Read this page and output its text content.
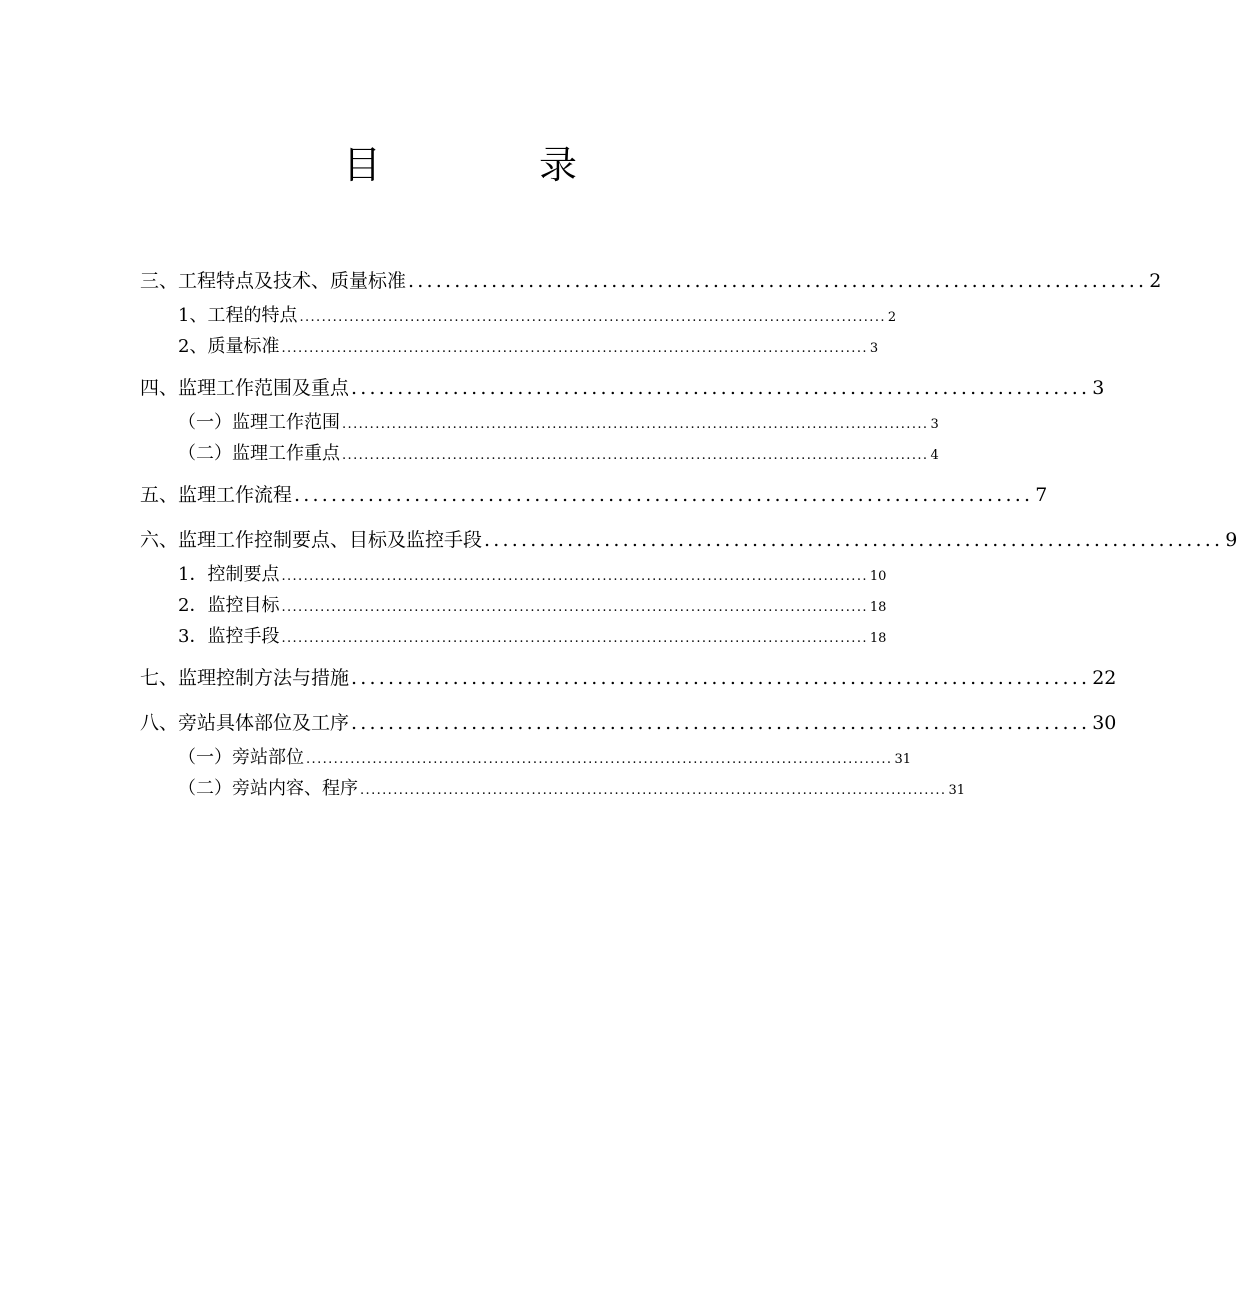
目　录
三、工程特点及技术、质量标准 ................................................................................ 2
1、工程的特点 .......................................................................................................... 2
2、质量标准 .......................................................................................................... 3
四、监理工作范围及重点 ................................................................................ 3
（一）监理工作范围 .......................................................................................................... 3
（二）监理工作重点 .......................................................................................................... 4
五、监理工作流程 ................................................................................ 7
六、监理工作控制要点、目标及监控手段 ................................................................................ 9
1．控制要点 .......................................................................................................... 10
2．监控目标 .......................................................................................................... 18
3．监控手段 .......................................................................................................... 18
七、监理控制方法与措施 ................................................................................ 22
八、旁站具体部位及工序 ................................................................................ 30
（一）旁站部位 .......................................................................................................... 31
（二）旁站内容、程序 .......................................................................................................... 31
